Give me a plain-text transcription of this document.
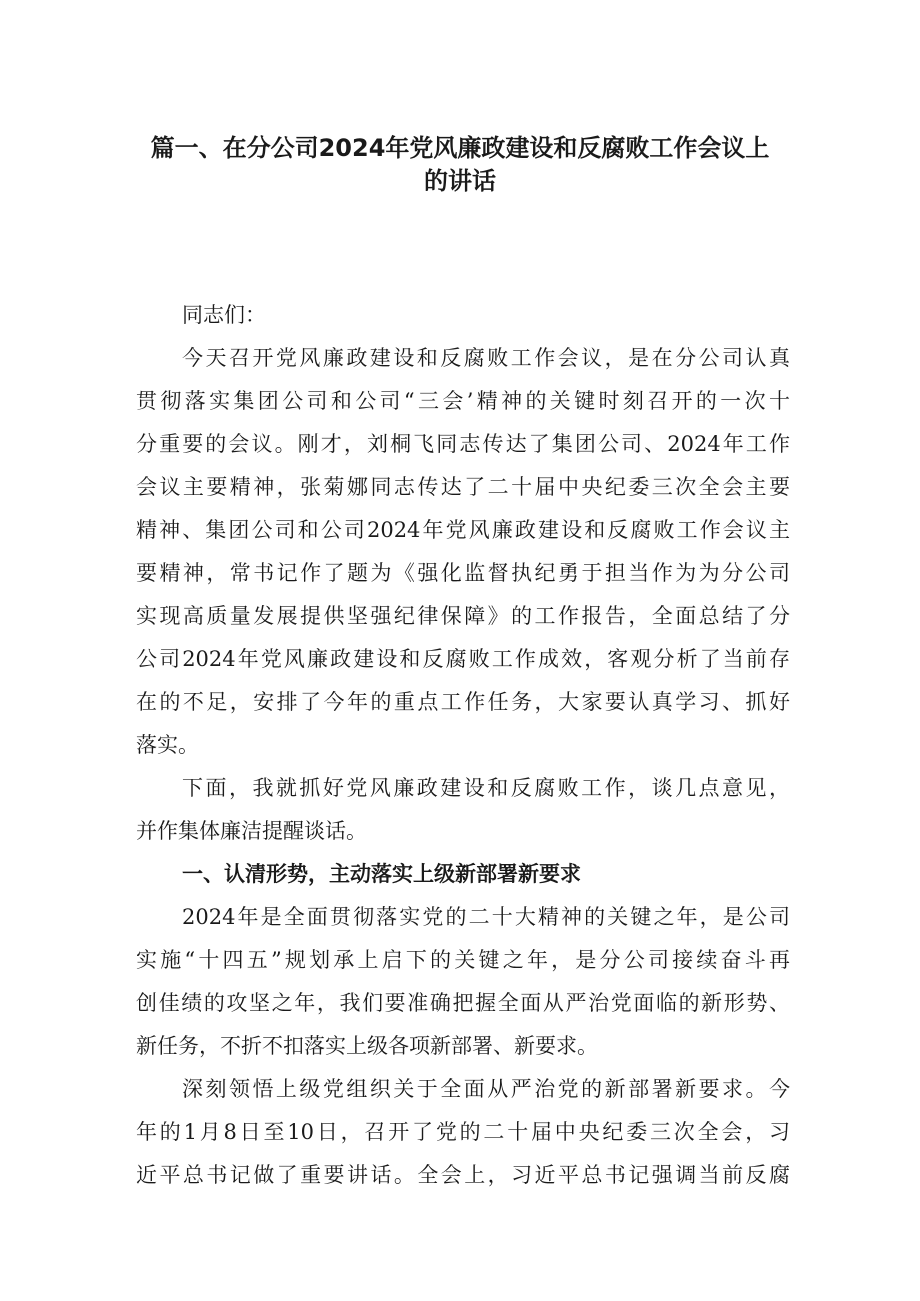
篇一、在分公司2024年党风廉政建设和反腐败工作会议上
的讲话
同志们：
今天召开党风廉政建设和反腐败工作会议，是在分公司认真
贯彻落实集团公司和公司“三会’精神的关键时刻召开的一次十
分重要的会议。刚才，刘桐飞同志传达了集团公司、2024年工作
会议主要精神，张菊娜同志传达了二十届中央纪委三次全会主要
精神、集团公司和公司2024年党风廉政建设和反腐败工作会议主
要精神，常书记作了题为《强化监督执纪勇于担当作为为分公司
实现高质量发展提供坚强纪律保障》的工作报告，全面总结了分
公司2024年党风廉政建设和反腐败工作成效，客观分析了当前存
在的不足，安排了今年的重点工作任务，大家要认真学习、抓好
落实。
下面，我就抓好党风廉政建设和反腐败工作，谈几点意见，
并作集体廉洁提醒谈话。
一、认清形势，主动落实上级新部署新要求
2024年是全面贯彻落实党的二十大精神的关键之年，是公司
实施“十四五”规划承上启下的关键之年，是分公司接续奋斗再
创佳绩的攻坚之年，我们要准确把握全面从严治党面临的新形势、
新任务，不折不扣落实上级各项新部署、新要求。
深刻领悟上级党组织关于全面从严治党的新部署新要求。今
年的1月8日至10日，召开了党的二十届中央纪委三次全会，习
近平总书记做了重要讲话。全会上，习近平总书记强调当前反腐
